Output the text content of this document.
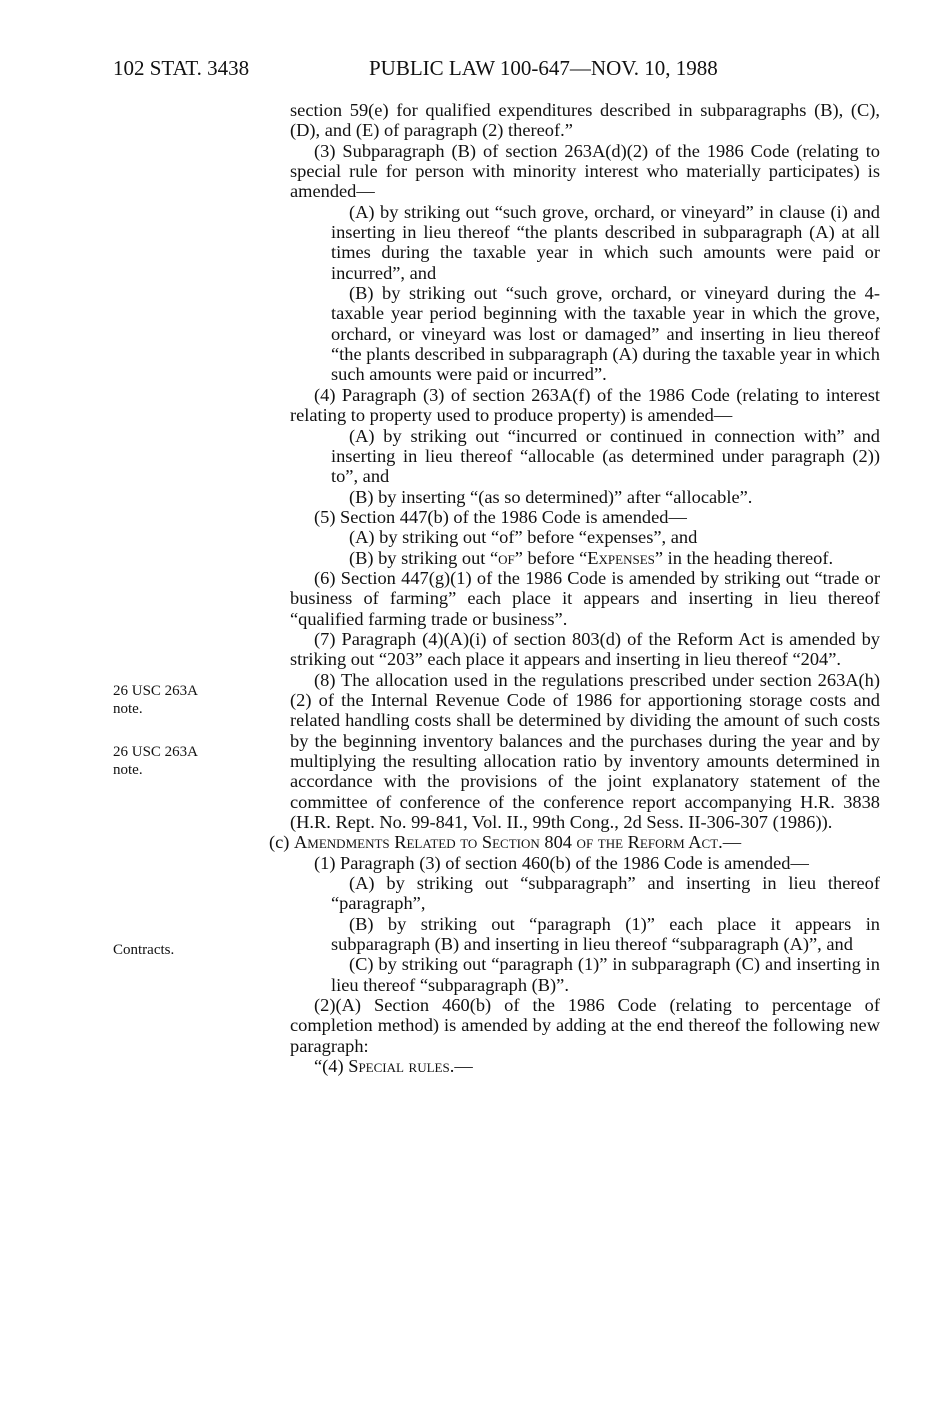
102 STAT. 3438	PUBLIC LAW 100-647—NOV. 10, 1988
26 USC 263A
note.
26 USC 263A
note.
Contracts.

section 59(e) for qualified expenditures described in subparagraphs (B), (C), (D), and (E) of paragraph (2) thereof.”

(3) Subparagraph (B) of section 263A(d)(2) of the 1986 Code (relating to special rule for person with minority interest who materially participates) is amended—

(A) by striking out “such grove, orchard, or vineyard” in clause (i) and inserting in lieu thereof “the plants described in subparagraph (A) at all times during the taxable year in which such amounts were paid or incurred”, and

(B) by striking out “such grove, orchard, or vineyard during the 4-taxable year period beginning with the taxable year in which the grove, orchard, or vineyard was lost or damaged” and inserting in lieu thereof “the plants described in subparagraph (A) during the taxable year in which such amounts were paid or incurred”.

(4) Paragraph (3) of section 263A(f) of the 1986 Code (relating to interest relating to property used to produce property) is amended—

(A) by striking out “incurred or continued in connection with” and inserting in lieu thereof “allocable (as determined under paragraph (2)) to”, and

(B) by inserting “(as so determined)” after “allocable”.

(5) Section 447(b) of the 1986 Code is amended—

(A) by striking out “of” before “expenses”, and

(B) by striking out “of” before “Expenses” in the heading thereof.

(6) Section 447(g)(1) of the 1986 Code is amended by striking out “trade or business of farming” each place it appears and inserting in lieu thereof “qualified farming trade or business”.

(7) Paragraph (4)(A)(i) of section 803(d) of the Reform Act is amended by striking out “203” each place it appears and inserting in lieu thereof “204”.

(8) The allocation used in the regulations prescribed under section 263A(h)(2) of the Internal Revenue Code of 1986 for apportioning storage costs and related handling costs shall be determined by dividing the amount of such costs by the beginning inventory balances and the purchases during the year and by multiplying the resulting allocation ratio by inventory amounts determined in accordance with the provisions of the joint explanatory statement of the committee of conference of the conference report accompanying H.R. 3838 (H.R. Rept. No. 99-841, Vol. II., 99th Cong., 2d Sess. II-306-307 (1986)).

(c) Amendments Related to Section 804 of the Reform Act.—

(1) Paragraph (3) of section 460(b) of the 1986 Code is amended—

(A) by striking out “subparagraph” and inserting in lieu thereof “paragraph”,

(B) by striking out “paragraph (1)” each place it appears in subparagraph (B) and inserting in lieu thereof “subparagraph (A)”, and

(C) by striking out “paragraph (1)” in subparagraph (C) and inserting in lieu thereof “subparagraph (B)”.

(2)(A) Section 460(b) of the 1986 Code (relating to percentage of completion method) is amended by adding at the end thereof the following new paragraph:

“(4) Special rules.—
